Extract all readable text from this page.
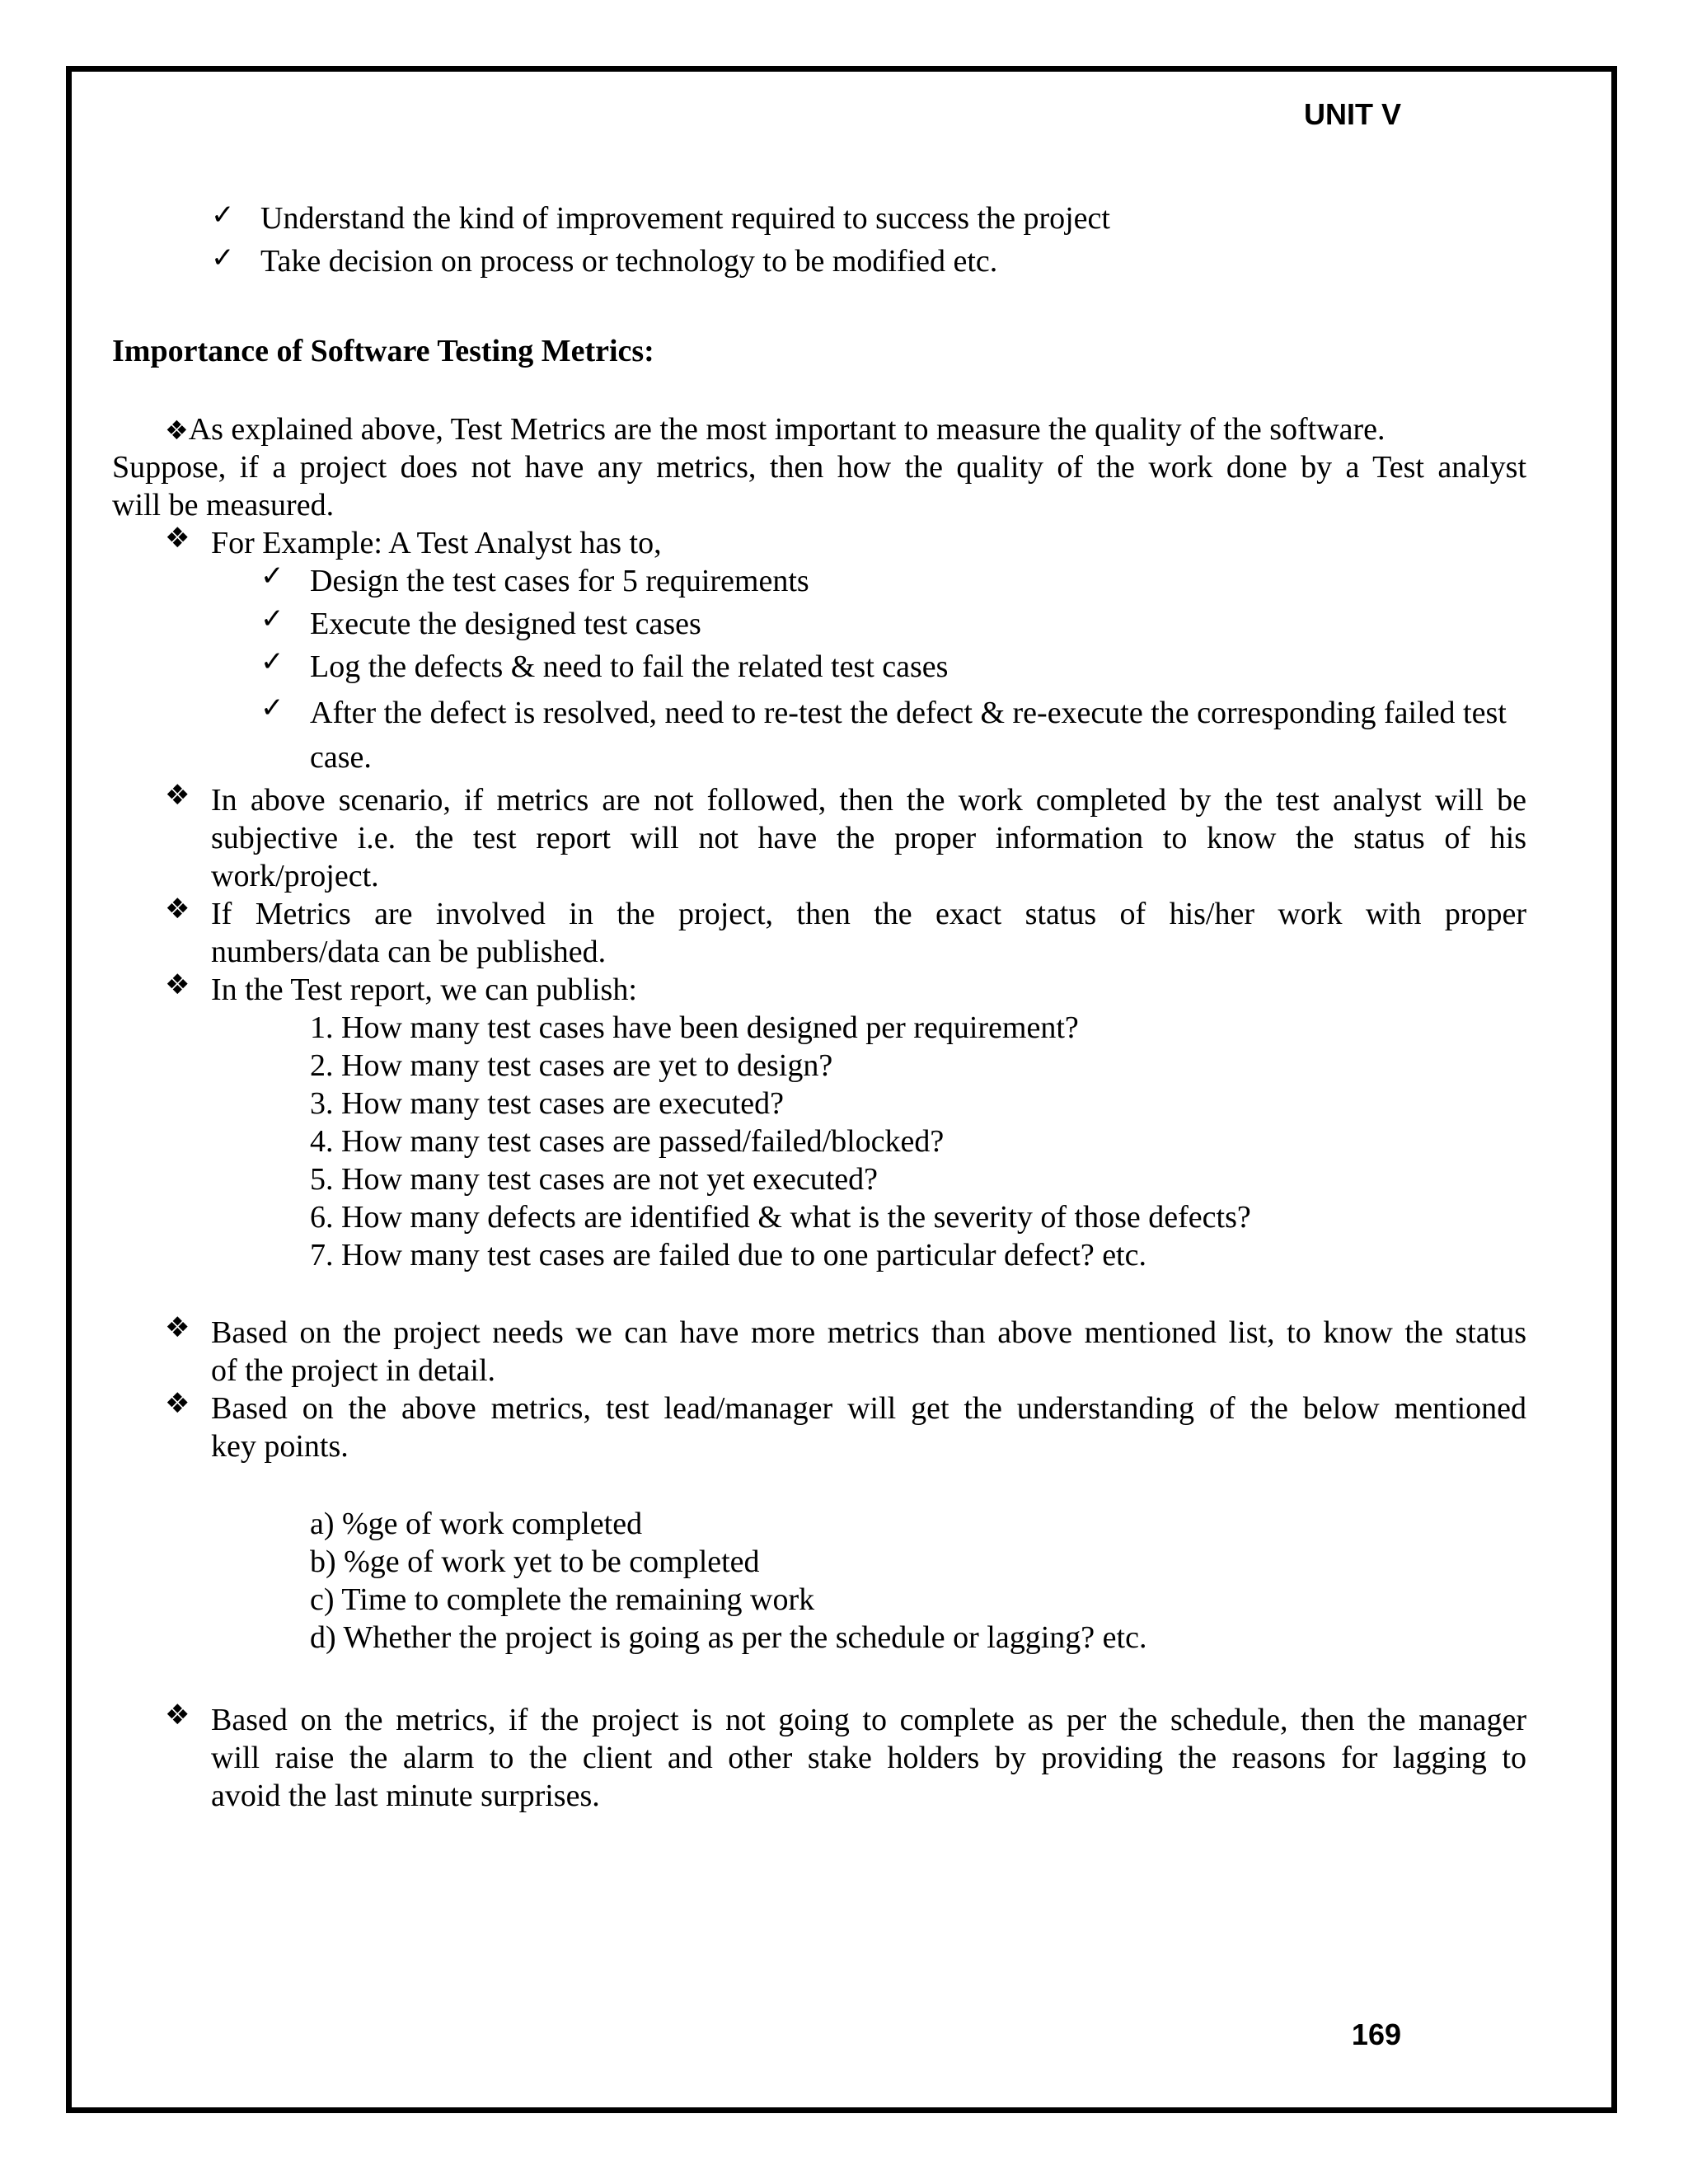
UNIT V
✓ Understand the kind of improvement required to success the project
✓ Take decision on process or technology to be modified etc.
Importance of Software Testing Metrics:
❖As explained above, Test Metrics are the most important to measure the quality of the software.
Suppose, if a project does not have any metrics, then how the quality of the work done by a Test analyst
will be measured.
❖ For Example: A Test Analyst has to,
✓ Design the test cases for 5 requirements
✓ Execute the designed test cases
✓ Log the defects & need to fail the related test cases
✓ After the defect is resolved, need to re-test the defect & re-execute the corresponding failed test
case.
❖ In above scenario, if metrics are not followed, then the work completed by the test analyst will be
subjective i.e. the test report will not have the proper information to know the status of his
work/project.
❖ If Metrics are involved in the project, then the exact status of his/her work with proper
numbers/data can be published.
❖ In the Test report, we can publish:
1. How many test cases have been designed per requirement?
2. How many test cases are yet to design?
3. How many test cases are executed?
4. How many test cases are passed/failed/blocked?
5. How many test cases are not yet executed?
6. How many defects are identified & what is the severity of those defects?
7. How many test cases are failed due to one particular defect? etc.
❖ Based on the project needs we can have more metrics than above mentioned list, to know the status
of the project in detail.
❖ Based on the above metrics, test lead/manager will get the understanding of the below mentioned
key points.
a) %ge of work completed
b) %ge of work yet to be completed
c) Time to complete the remaining work
d) Whether the project is going as per the schedule or lagging? etc.
❖ Based on the metrics, if the project is not going to complete as per the schedule, then the manager
will raise the alarm to the client and other stake holders by providing the reasons for lagging to
avoid the last minute surprises.
169
